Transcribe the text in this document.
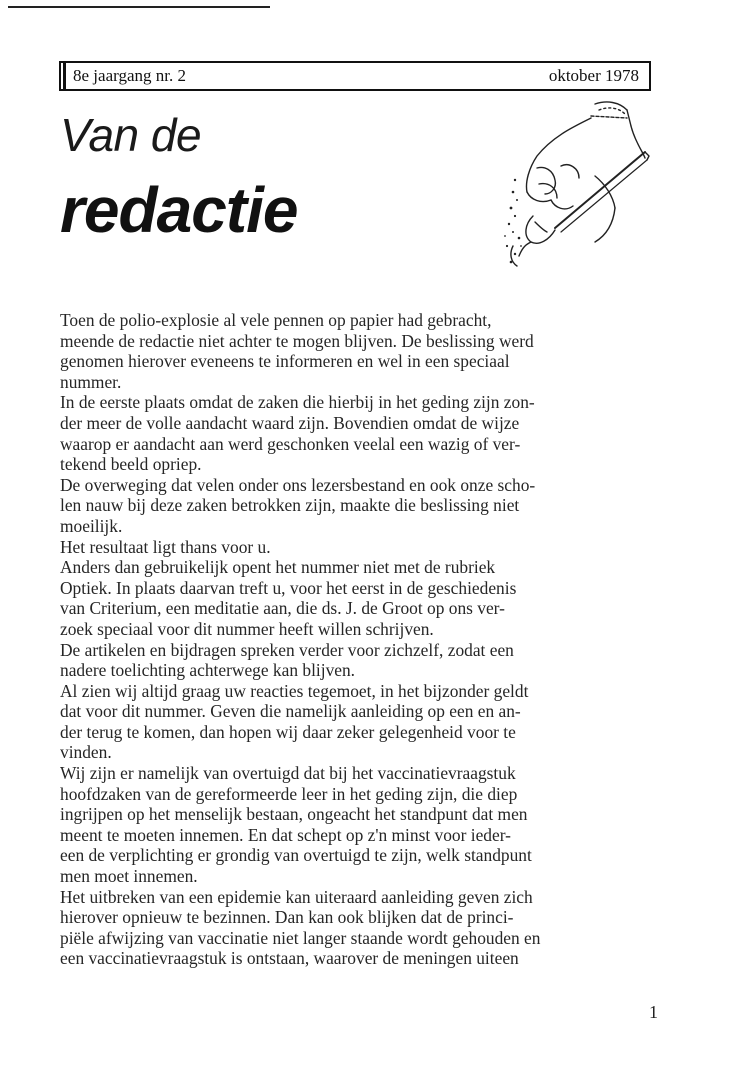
8e jaargang nr. 2	oktober 1978
Van de
redactie

Toen de polio-explosie al vele pennen op papier had gebracht,

meende de redactie niet achter te mogen blijven. De beslissing werd

genomen hierover eveneens te informeren en wel in een speciaal

nummer.

In de eerste plaats omdat de zaken die hierbij in het geding zijn zon-

der meer de volle aandacht waard zijn. Bovendien omdat de wijze

waarop er aandacht aan werd geschonken veelal een wazig of ver-

tekend beeld opriep.

De overweging dat velen onder ons lezersbestand en ook onze scho-

len nauw bij deze zaken betrokken zijn, maakte die beslissing niet

moeilijk.

Het resultaat ligt thans voor u.

Anders dan gebruikelijk opent het nummer niet met de rubriek

Optiek. In plaats daarvan treft u, voor het eerst in de geschiedenis

van Criterium, een meditatie aan, die ds. J. de Groot op ons ver-

zoek speciaal voor dit nummer heeft willen schrijven.

De artikelen en bijdragen spreken verder voor zichzelf, zodat een

nadere toelichting achterwege kan blijven.

Al zien wij altijd graag uw reacties tegemoet, in het bijzonder geldt

dat voor dit nummer. Geven die namelijk aanleiding op een en an-

der terug te komen, dan hopen wij daar zeker gelegenheid voor te

vinden.

Wij zijn er namelijk van overtuigd dat bij het vaccinatievraagstuk

hoofdzaken van de gereformeerde leer in het geding zijn, die diep

ingrijpen op het menselijk bestaan, ongeacht het standpunt dat men

meent te moeten innemen. En dat schept op z'n minst voor ieder-

een de verplichting er grondig van overtuigd te zijn, welk standpunt

men moet innemen.

Het uitbreken van een epidemie kan uiteraard aanleiding geven zich

hierover opnieuw te bezinnen. Dan kan ook blijken dat de princi-

piële afwijzing van vaccinatie niet langer staande wordt gehouden en

een vaccinatievraagstuk is ontstaan, waarover de meningen uiteen

1
